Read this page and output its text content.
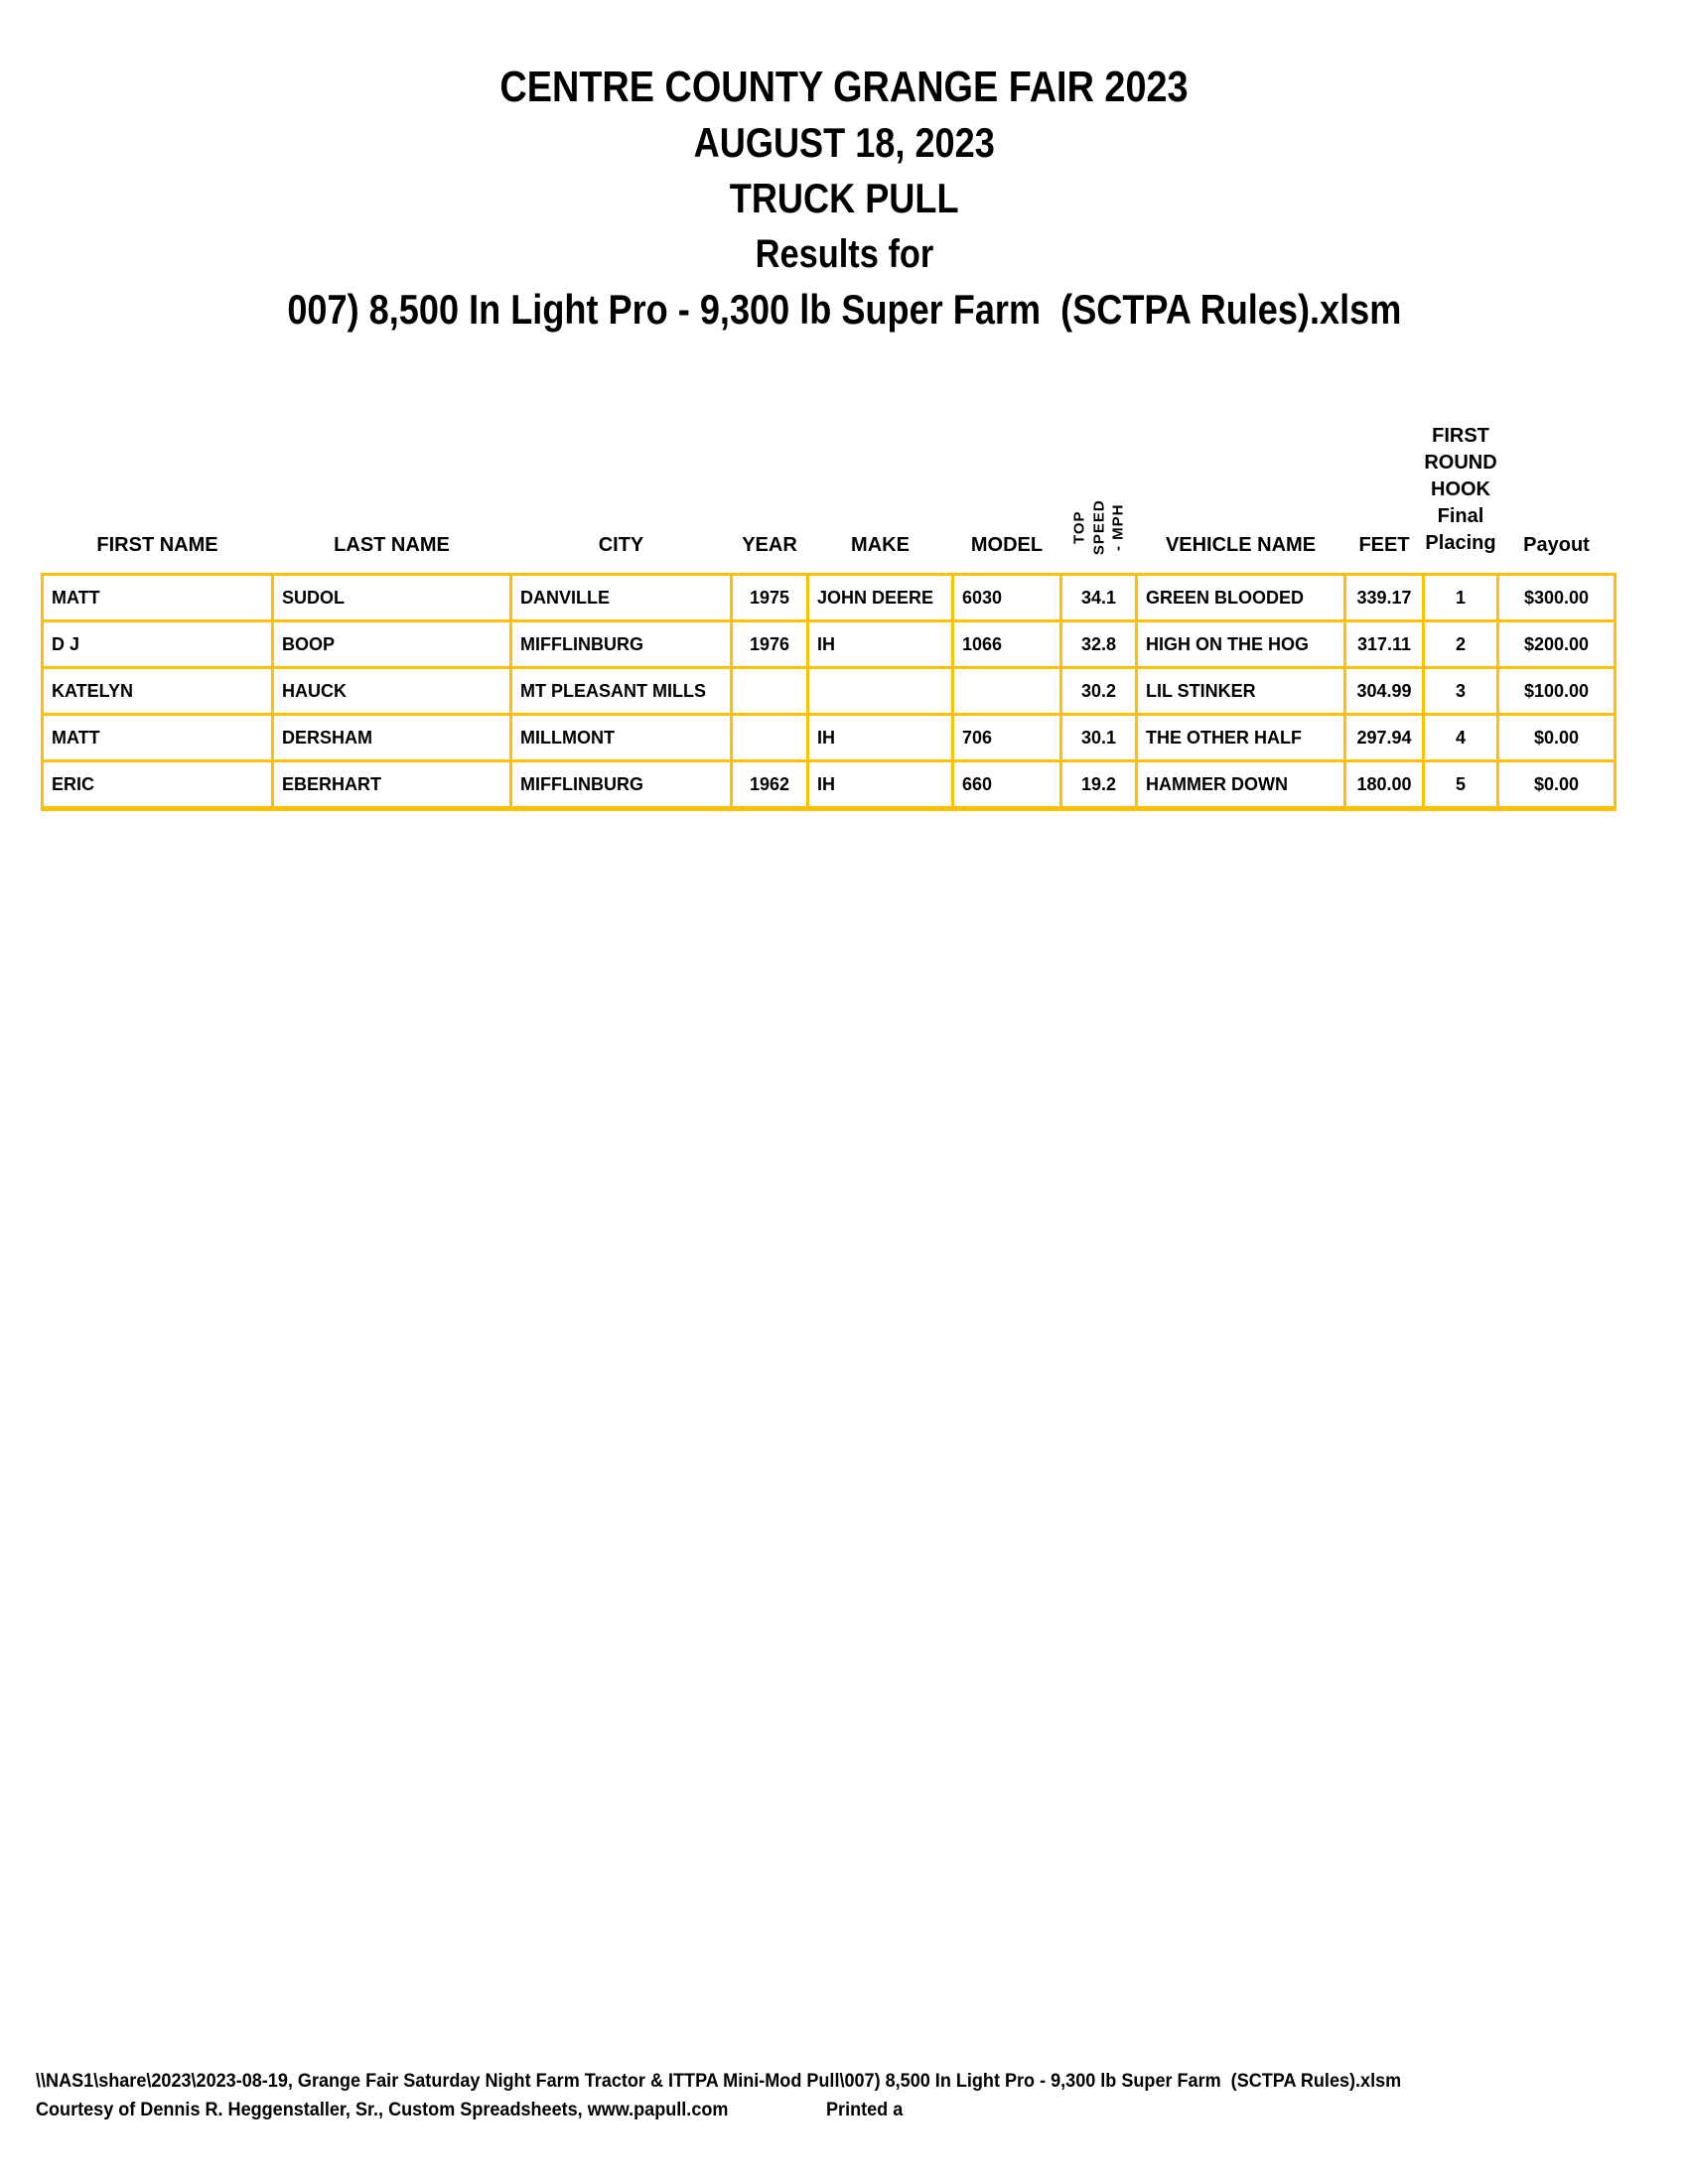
CENTRE COUNTY GRANGE FAIR 2023
AUGUST 18, 2023
TRUCK PULL
Results for
007) 8,500 In Light Pro - 9,300 lb Super Farm  (SCTPA Rules).xlsm
FIRST NAME	LAST NAME	CITY	YEAR	MAKE	MODEL	TOP SPEED - MPH	VEHICLE NAME	FEET	FIRST ROUND
HOOK
Final Placing	Payout
MATT	SUDOL	DANVILLE	1975	JOHN DEERE	6030	34.1	GREEN BLOODED	339.17	1	$300.00
D J	BOOP	MIFFLINBURG	1976	IH	1066	32.8	HIGH ON THE HOG	317.11	2	$200.00
KATELYN	HAUCK	MT PLEASANT MILLS				30.2	LIL STINKER	304.99	3	$100.00
MATT	DERSHAM	MILLMONT		IH	706	30.1	THE OTHER HALF	297.94	4	$0.00
ERIC	EBERHART	MIFFLINBURG	1962	IH	660	19.2	HAMMER DOWN	180.00	5	$0.00
\\NAS1\share\2023\2023-08-19, Grange Fair Saturday Night Farm Tractor & ITTPA Mini-Mod Pull\007) 8,500 In Light Pro - 9,300 lb Super Farm  (SCTPA Rules).xlsm
Courtesy of Dennis R. Heggenstaller, Sr., Custom Spreadsheets, www.papull.com	Printed a
